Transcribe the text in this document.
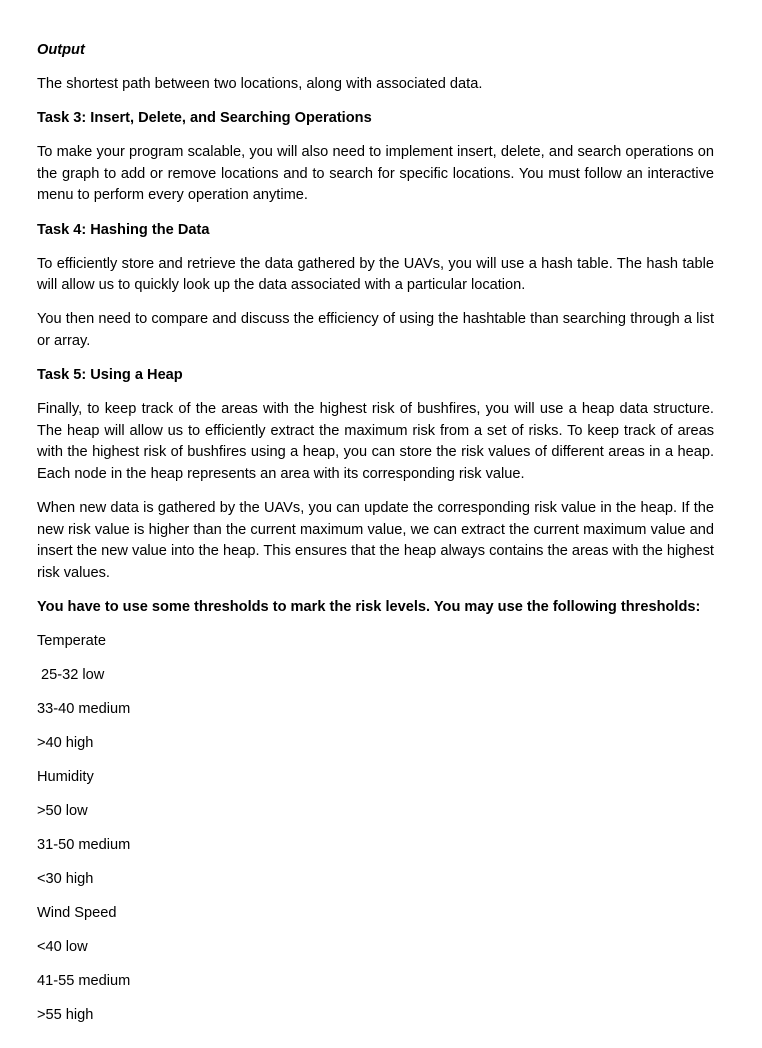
Output
The shortest path between two locations, along with associated data.
Task 3: Insert, Delete, and Searching Operations
To make your program scalable, you will also need to implement insert, delete, and search operations on the graph to add or remove locations and to search for specific locations. You must follow an interactive menu to perform every operation anytime.
Task 4: Hashing the Data
To efficiently store and retrieve the data gathered by the UAVs, you will use a hash table. The hash table will allow us to quickly look up the data associated with a particular location.
You then need to compare and discuss the efficiency of using the hashtable than searching through a list or array.
Task 5: Using a Heap
Finally, to keep track of the areas with the highest risk of bushfires, you will use a heap data structure. The heap will allow us to efficiently extract the maximum risk from a set of risks. To keep track of areas with the highest risk of bushfires using a heap, you can store the risk values of different areas in a heap. Each node in the heap represents an area with its corresponding risk value.
When new data is gathered by the UAVs, you can update the corresponding risk value in the heap. If the new risk value is higher than the current maximum value, we can extract the current maximum value and insert the new value into the heap. This ensures that the heap always contains the areas with the highest risk values.
You have to use some thresholds to mark the risk levels. You may use the following thresholds:
Temperate
25-32 low
33-40 medium
>40 high
Humidity
>50 low
31-50 medium
<30 high
Wind Speed
<40 low
41-55 medium
>55 high
